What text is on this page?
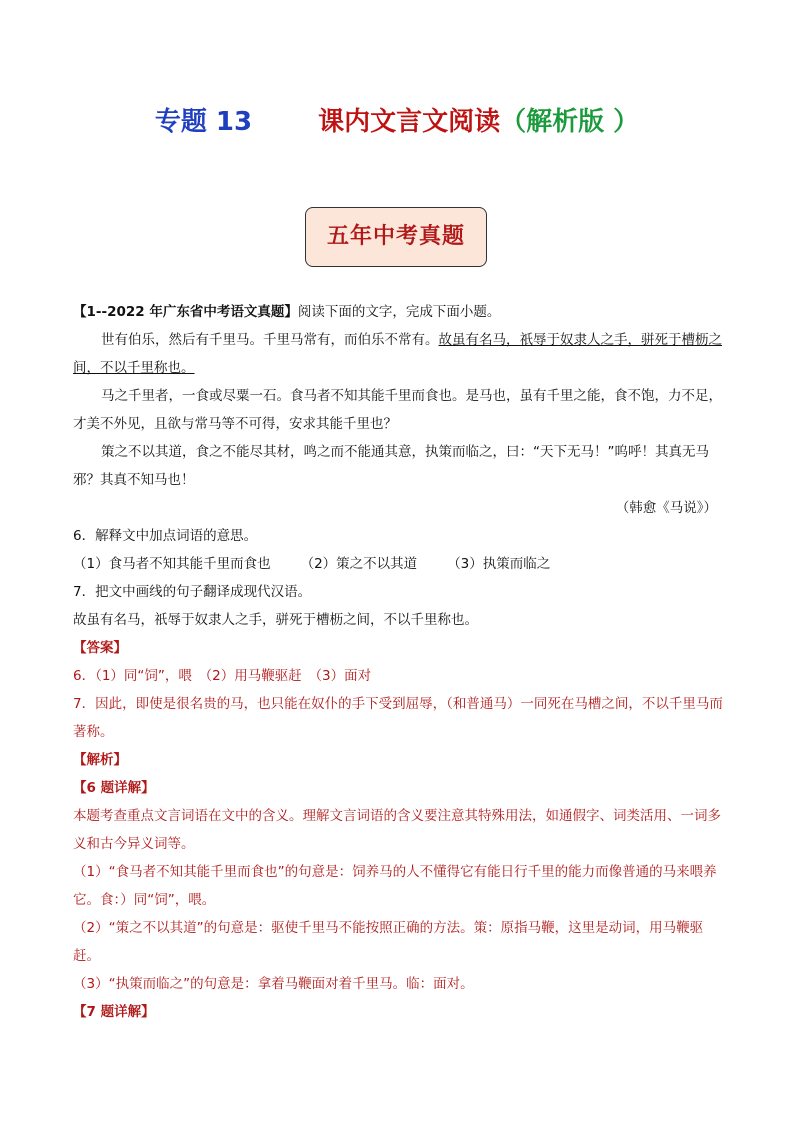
专题 13	课内文言文阅读（解析版 ）
五年中考真题

【1--2022 年广东省中考语文真题】阅读下面的文字，完成下面小题。

世有伯乐，然后有千里马。千里马常有，而伯乐不常有。故虽有名马，祇辱于奴隶人之手，骈死于槽枥之间，不以千里称也。

马之千里者，一食或尽粟一石。食马者不知其能千里而食也。是马也，虽有千里之能，食不饱，力不足，才美不外见，且欲与常马等不可得，安求其能千里也？

策之不以其道，食之不能尽其材，鸣之而不能通其意，执策而临之，曰：“天下无马！”呜呼！其真无马邪？其真不知马也！

（韩愈《马说》）

6．解释文中加点词语的意思。

（1）食马者不知其能千里而食也 （2）策之不以其道 （3）执策而临之

7．把文中画线的句子翻译成现代汉语。

故虽有名马，祇辱于奴隶人之手，骈死于槽枥之间，不以千里称也。

【答案】

6．（1）同“饲”，喂　（2）用马鞭驱赶　（3）面对

7．因此，即使是很名贵的马，也只能在奴仆的手下受到屈辱，（和普通马）一同死在马槽之间，不以千里马而著称。

【解析】

【6 题详解】

本题考查重点文言词语在文中的含义。理解文言词语的含义要注意其特殊用法，如通假字、词类活用、一词多义和古今异义词等。

（1）“食马者不知其能千里而食也”的句意是：饲养马的人不懂得它有能日行千里的能力而像普通的马来喂养它。食：）同“饲”，喂。

（2）“策之不以其道”的句意是：驱使千里马不能按照正确的方法。策：原指马鞭，这里是动词，用马鞭驱赶。

（3）“执策而临之”的句意是：拿着马鞭面对着千里马。临：面对。

【7 题详解】
